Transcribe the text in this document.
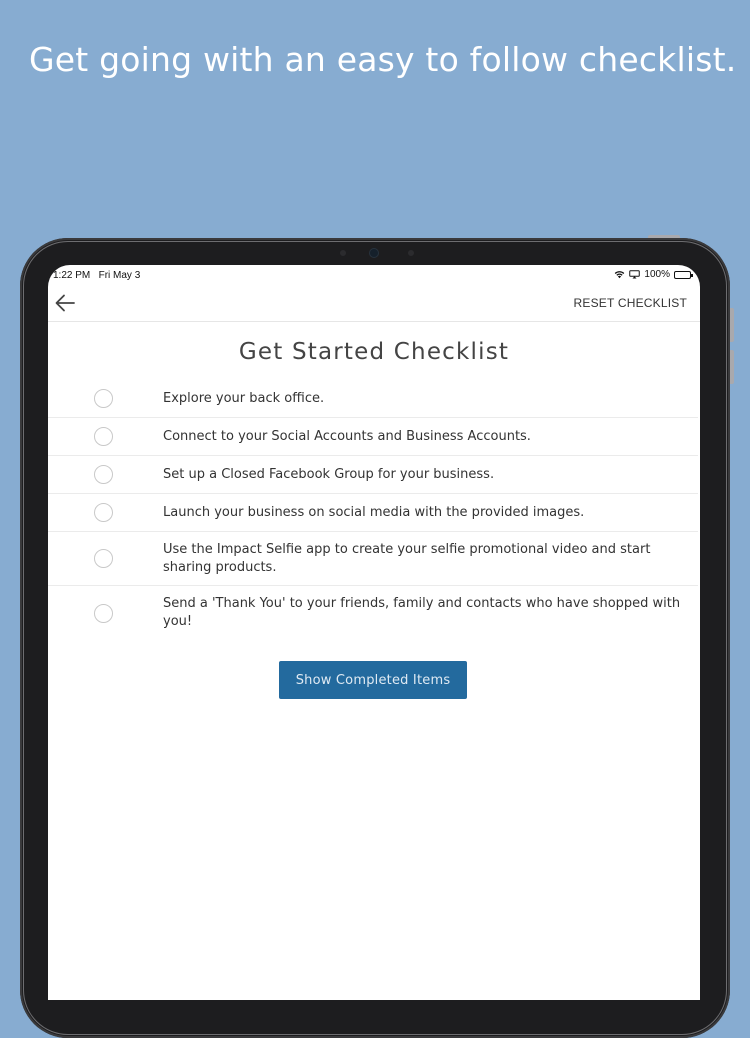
Get going with an easy to follow checklist.
1:22 PM Fri May 3	100%
RESET CHECKLIST
Get Started Checklist
Explore your back office.
Connect to your Social Accounts and Business Accounts.
Set up a Closed Facebook Group for your business.
Launch your business on social media with the provided images.
Use the Impact Selfie app to create your selfie promotional video and start sharing products.
Send a 'Thank You' to your friends, family and contacts who have shopped with you!
Show Completed Items
